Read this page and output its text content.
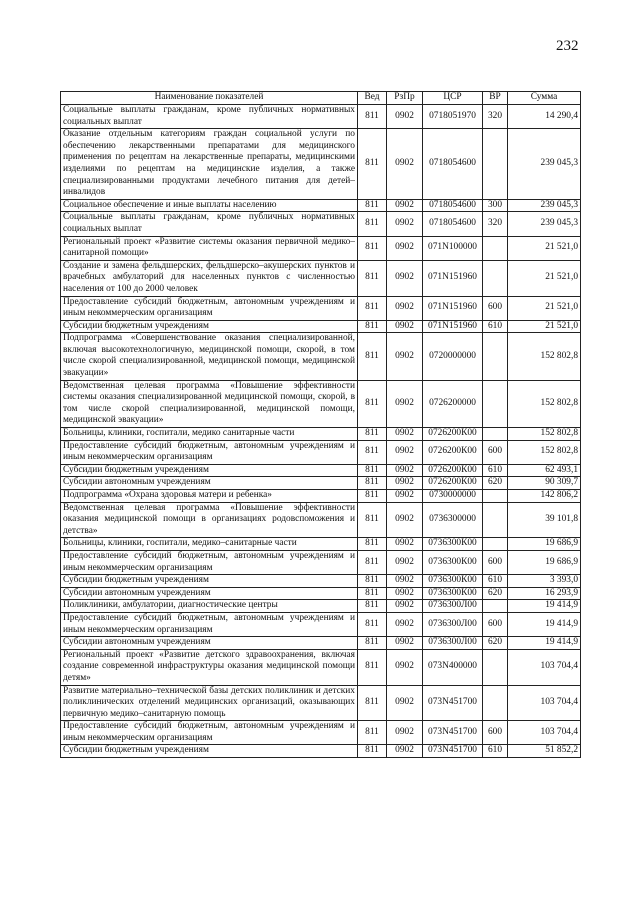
232
Наименование показателей	Вед	РзПр	ЦСР	ВР	Сумма
Социальные выплаты гражданам, кроме публичных нормативных социальных выплат	811	0902	0718051970	320	14 290,4
Оказание отдельным категориям граждан социальной услуги по обеспечению лекарственными препаратами для медицинского применения по рецептам на лекарственные препараты, медицинскими изделиями по рецептам на медицинские изделия, а также специализированными продуктами лечебного питания для детей–инвалидов	811	0902	0718054600		239 045,3
Социальное обеспечение и иные выплаты населению	811	0902	0718054600	300	239 045,3
Социальные выплаты гражданам, кроме публичных нормативных социальных выплат	811	0902	0718054600	320	239 045,3
Региональный проект «Развитие системы оказания первичной медико–санитарной помощи»	811	0902	071N100000		21 521,0
Создание и замена фельдшерских, фельдшерско–акушерских пунктов и врачебных амбулаторий для населенных пунктов с численностью населения от 100 до 2000 человек	811	0902	071N151960		21 521,0
Предоставление субсидий бюджетным, автономным учреждениям и иным некоммерческим организациям	811	0902	071N151960	600	21 521,0
Субсидии бюджетным учреждениям	811	0902	071N151960	610	21 521,0
Подпрограмма «Совершенствование оказания специализированной, включая высокотехнологичную, медицинской помощи, скорой, в том числе скорой специализированной, медицинской помощи, медицинской эвакуации»	811	0902	0720000000		152 802,8
Ведомственная целевая программа «Повышение эффективности системы оказания специализированной медицинской помощи, скорой, в том числе скорой специализированной, медицинской помощи, медицинской эвакуации»	811	0902	0726200000		152 802,8
Больницы, клиники, госпитали, медико санитарные части	811	0902	0726200К00		152 802,8
Предоставление субсидий бюджетным, автономным учреждениям и иным некоммерческим организациям	811	0902	0726200К00	600	152 802,8
Субсидии бюджетным учреждениям	811	0902	0726200К00	610	62 493,1
Субсидии автономным учреждениям	811	0902	0726200К00	620	90 309,7
Подпрограмма «Охрана здоровья матери и ребенка»	811	0902	0730000000		142 806,2
Ведомственная целевая программа «Повышение эффективности оказания медицинской помощи в организациях родовспоможения и детства»	811	0902	0736300000		39 101,8
Больницы, клиники, госпитали, медико–санитарные части	811	0902	0736300К00		19 686,9
Предоставление субсидий бюджетным, автономным учреждениям и иным некоммерческим организациям	811	0902	0736300К00	600	19 686,9
Субсидии бюджетным учреждениям	811	0902	0736300К00	610	3 393,0
Субсидии автономным учреждениям	811	0902	0736300К00	620	16 293,9
Поликлиники, амбулатории, диагностические центры	811	0902	0736300Л00		19 414,9
Предоставление субсидий бюджетным, автономным учреждениям и иным некоммерческим организациям	811	0902	0736300Л00	600	19 414,9
Субсидии автономным учреждениям	811	0902	0736300Л00	620	19 414,9
Региональный проект «Развитие детского здравоохранения, включая создание современной инфраструктуры оказания медицинской помощи детям»	811	0902	073N400000		103 704,4
Развитие материально–технической базы детских поликлиник и детских поликлинических отделений медицинских организаций, оказывающих первичную медико–санитарную помощь	811	0902	073N451700		103 704,4
Предоставление субсидий бюджетным, автономным учреждениям и иным некоммерческим организациям	811	0902	073N451700	600	103 704,4
Субсидии бюджетным учреждениям	811	0902	073N451700	610	51 852,2
